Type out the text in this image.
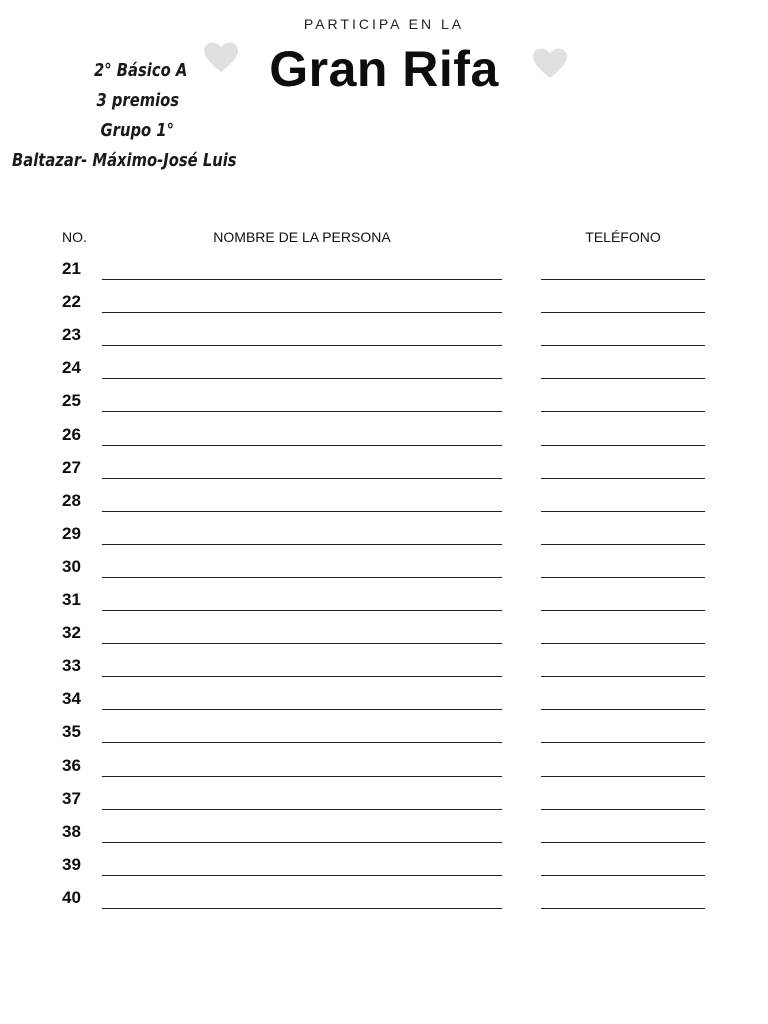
PARTICIPA EN LA
Gran Rifa
2° Básico A
3 premios
Grupo 1°
Baltazar- Máximo-José Luis
NO.	NOMBRE DE LA PERSONA	TELÉFONO
21
22
23
24
25
26
27
28
29
30
31
32
33
34
35
36
37
38
39
40
